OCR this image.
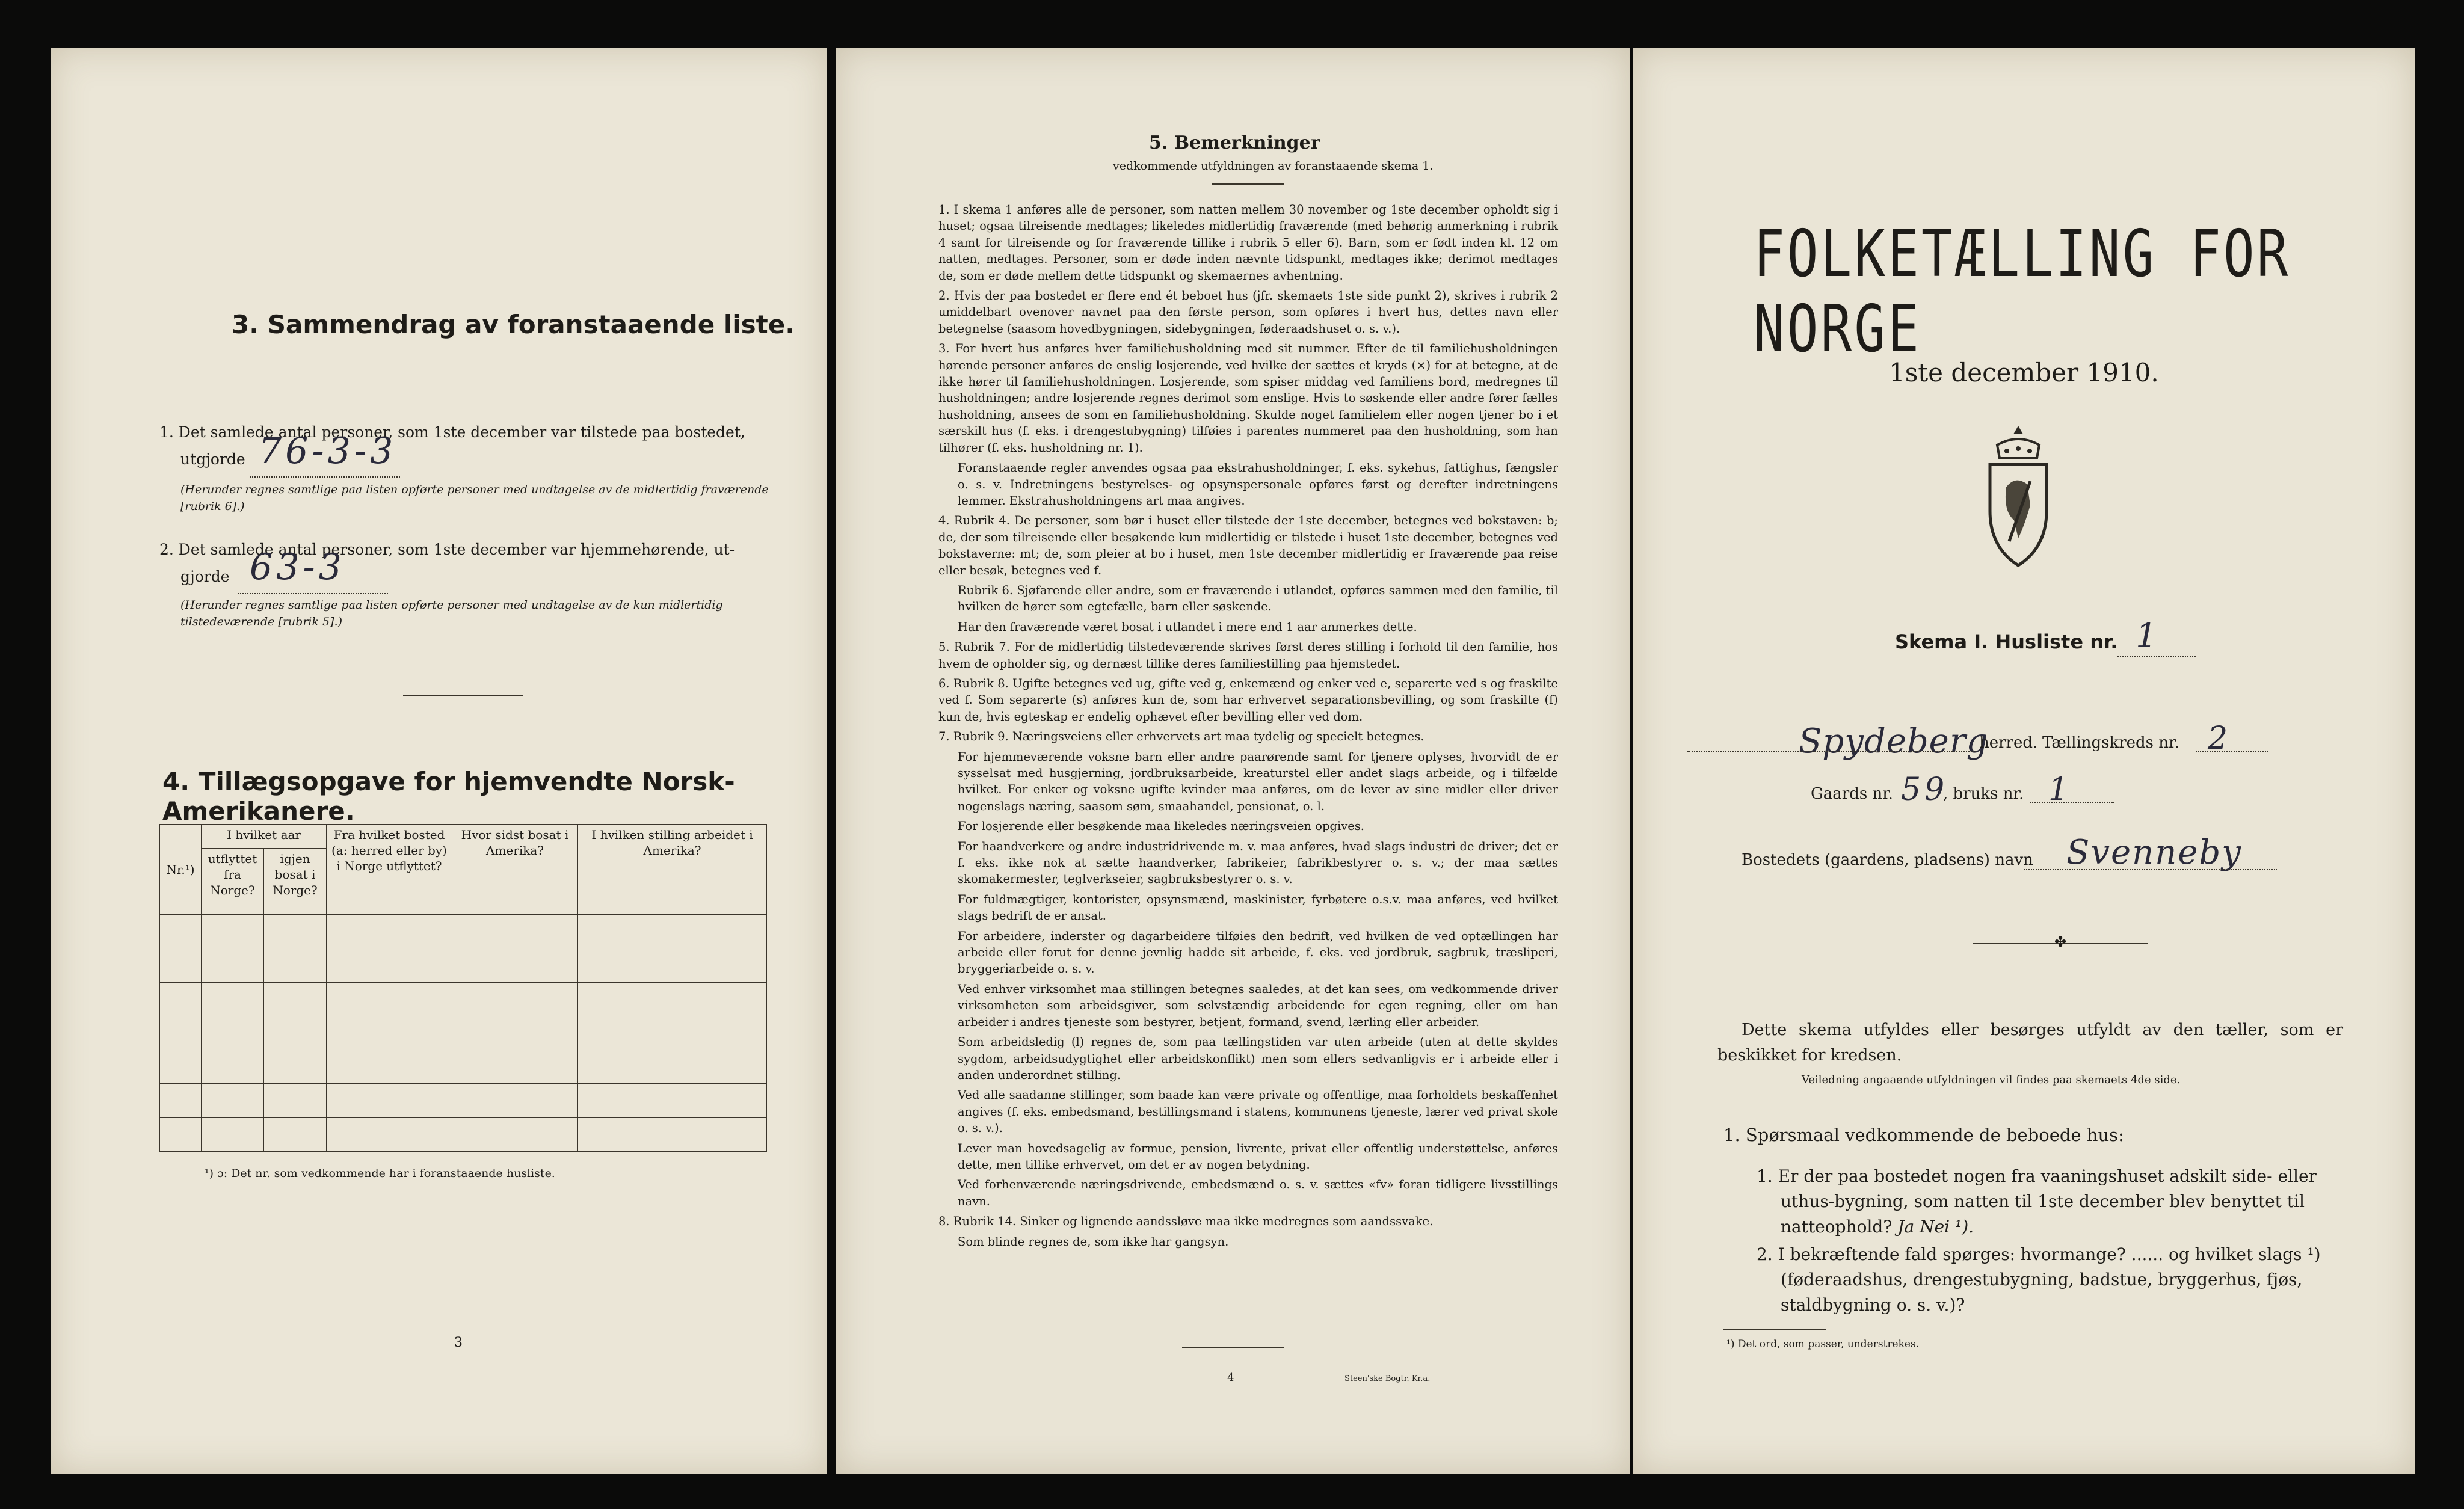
3. Sammendrag av foranstaaende liste.
1. Det samlede antal personer, som 1ste december var tilstede paa bostedet,
utgjorde 76-3-3
(Herunder regnes samtlige paa listen opførte personer med undtagelse av de midlertidig fraværende [rubrik 6].)
2. Det samlede antal personer, som 1ste december var hjemmehørende, ut-
gjorde 63-3
(Herunder regnes samtlige paa listen opførte personer med undtagelse av de kun midlertidig tilstedeværende [rubrik 5].)
4. Tillægsopgave for hjemvendte Norsk-Amerikanere.
Nr.¹)	I hvilket aar		Fra hvilket bosted (a: herred eller by) i Norge utflyttet?	Hvor sidst bosat i Amerika?	I hvilken stilling arbeidet i Amerika?
	utflyttet fra Norge?	igjen bosat i Norge?			

¹) ɔ: Det nr. som vedkommende har i foranstaaende husliste.
3
5. Bemerkninger
vedkommende utfyldningen av foranstaaende skema 1.

1. I skema 1 anføres alle de personer, som natten mellem 30 november og 1ste december opholdt sig i huset; ogsaa tilreisende medtages; likeledes midlertidig fraværende (med behørig anmerkning i rubrik 4 samt for tilreisende og for fraværende tillike i rubrik 5 eller 6). Barn, som er født inden kl. 12 om natten, medtages. Personer, som er døde inden nævnte tidspunkt, medtages ikke; derimot medtages de, som er døde mellem dette tidspunkt og skemaernes avhentning.

2. Hvis der paa bostedet er flere end ét beboet hus (jfr. skemaets 1ste side punkt 2), skrives i rubrik 2 umiddelbart ovenover navnet paa den første person, som opføres i hvert hus, dettes navn eller betegnelse (saasom hovedbygningen, sidebygningen, føderaadshuset o. s. v.).

3. For hvert hus anføres hver familiehusholdning med sit nummer. Efter de til familiehusholdningen hørende personer anføres de enslig losjerende, ved hvilke der sættes et kryds (×) for at betegne, at de ikke hører til familiehusholdningen. Losjerende, som spiser middag ved familiens bord, medregnes til husholdningen; andre losjerende regnes derimot som enslige. Hvis to søskende eller andre fører fælles husholdning, ansees de som en familiehusholdning. Skulde noget familielem eller nogen tjener bo i et særskilt hus (f. eks. i drengestubygning) tilføies i parentes nummeret paa den husholdning, som han tilhører (f. eks. husholdning nr. 1).

Foranstaaende regler anvendes ogsaa paa ekstrahusholdninger, f. eks. sykehus, fattighus, fængsler o. s. v. Indretningens bestyrelses- og opsynspersonale opføres først og derefter indretningens lemmer. Ekstrahusholdningens art maa angives.

4. Rubrik 4. De personer, som bør i huset eller tilstede der 1ste december, betegnes ved bokstaven: b; de, der som tilreisende eller besøkende kun midlertidig er tilstede i huset 1ste december, betegnes ved bokstaverne: mt; de, som pleier at bo i huset, men 1ste december midlertidig er fraværende paa reise eller besøk, betegnes ved f.

Rubrik 6. Sjøfarende eller andre, som er fraværende i utlandet, opføres sammen med den familie, til hvilken de hører som egtefælle, barn eller søskende.

Har den fraværende været bosat i utlandet i mere end 1 aar anmerkes dette.

5. Rubrik 7. For de midlertidig tilstedeværende skrives først deres stilling i forhold til den familie, hos hvem de opholder sig, og dernæst tillike deres familiestilling paa hjemstedet.

6. Rubrik 8. Ugifte betegnes ved ug, gifte ved g, enkemænd og enker ved e, separerte ved s og fraskilte ved f. Som separerte (s) anføres kun de, som har erhvervet separationsbevilling, og som fraskilte (f) kun de, hvis egteskap er endelig ophævet efter bevilling eller ved dom.

7. Rubrik 9. Næringsveiens eller erhvervets art maa tydelig og specielt betegnes.

For hjemmeværende voksne barn eller andre paarørende samt for tjenere oplyses, hvorvidt de er sysselsat med husgjerning, jordbruksarbeide, kreaturstel eller andet slags arbeide, og i tilfælde hvilket. For enker og voksne ugifte kvinder maa anføres, om de lever av sine midler eller driver nogenslags næring, saasom søm, smaahandel, pensionat, o. l.

For losjerende eller besøkende maa likeledes næringsveien opgives.

For haandverkere og andre industridrivende m. v. maa anføres, hvad slags industri de driver; det er f. eks. ikke nok at sætte haandverker, fabrikeier, fabrikbestyrer o. s. v.; der maa sættes skomakermester, teglverkseier, sagbruksbestyrer o. s. v.

For fuldmægtiger, kontorister, opsynsmænd, maskinister, fyrbøtere o.s.v. maa anføres, ved hvilket slags bedrift de er ansat.

For arbeidere, inderster og dagarbeidere tilføies den bedrift, ved hvilken de ved optællingen har arbeide eller forut for denne jevnlig hadde sit arbeide, f. eks. ved jordbruk, sagbruk, træsliperi, bryggeriarbeide o. s. v.

Ved enhver virksomhet maa stillingen betegnes saaledes, at det kan sees, om vedkommende driver virksomheten som arbeidsgiver, som selvstændig arbeidende for egen regning, eller om han arbeider i andres tjeneste som bestyrer, betjent, formand, svend, lærling eller arbeider.

Som arbeidsledig (l) regnes de, som paa tællingstiden var uten arbeide (uten at dette skyldes sygdom, arbeidsudygtighet eller arbeidskonflikt) men som ellers sedvanligvis er i arbeide eller i anden underordnet stilling.

Ved alle saadanne stillinger, som baade kan være private og offentlige, maa forholdets beskaffenhet angives (f. eks. embedsmand, bestillingsmand i statens, kommunens tjeneste, lærer ved privat skole o. s. v.).

Lever man hovedsagelig av formue, pension, livrente, privat eller offentlig understøttelse, anføres dette, men tillike erhvervet, om det er av nogen betydning.

Ved forhenværende næringsdrivende, embedsmænd o. s. v. sættes «fv» foran tidligere livsstillings navn.

8. Rubrik 14. Sinker og lignende aandssløve maa ikke medregnes som aandssvake.

Som blinde regnes de, som ikke har gangsyn.

4	Steen'ske Bogtr. Kr.a.
FOLKETÆLLING FOR NORGE
1ste december 1910.
Skema I. Husliste nr. 1
Spydeberg
herred. Tællingskreds nr. 2
Gaards nr. 59
, bruks nr. 1
Bostedets (gaardens, pladsens) navn Svenneby
✤
Dette skema utfyldes eller besørges utfyldt av den tæller, som er beskikket for kredsen.
Veiledning angaaende utfyldningen vil findes paa skemaets 4de side.
1. Spørsmaal vedkommende de beboede hus:
1. Er der paa bostedet nogen fra vaaningshuset adskilt side- eller uthus-bygning, som natten til 1ste december blev benyttet til natteophold? Ja Nei ¹).
2. I bekræftende fald spørges: hvormange? ...... og hvilket slags ¹) (føderaadshus, drengestubygning, badstue, bryggerhus, fjøs, staldbygning o. s. v.)?
¹) Det ord, som passer, understrekes.
